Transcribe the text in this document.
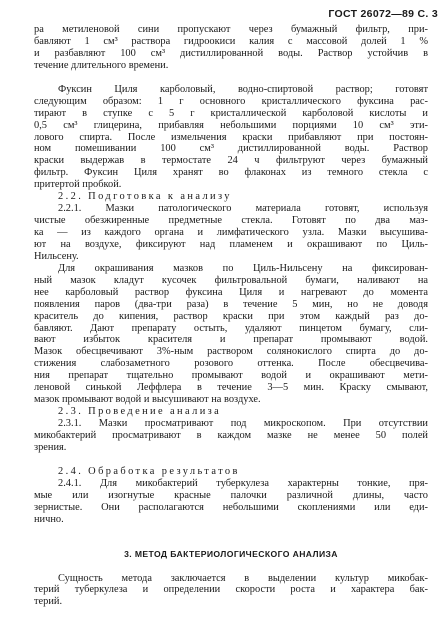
ГОСТ 26072—89 С. 3
ра метиленовой сини пропускают через бумажный фильтр, при-
бавляют 1 см³ раствора гидроокиси калия с массовой долей 1 %
и разбавляют 100 см³ дистиллированной воды. Раствор устойчив в
течение длительного времени.
Фуксин Циля карболовый, водно-спиртовой раствор; готовят
следующим образом: 1 г основного кристаллического фуксина рас-
тирают в ступке с 5 г кристаллической карболовой кислоты и
0,5 см³ глицерина, прибавляя небольшими порциями 10 см³ эти-
лового спирта. После измельчения краски прибавляют при постоян-
ном помешивании 100 см³ дистиллированной воды. Раствор
краски выдержав в термостате 24 ч фильтруют через бумажный
фильтр. Фуксин Циля хранят во флаконах из темного стекла с
притертой пробкой.
2.2. Подготовка к анализу
2.2.1. Мазки патологического материала готовят, используя
чистые обезжиренные предметные стекла. Готовят по два маз-
ка — из каждого органа и лимфатического узла. Мазки высушива-
ют на воздухе, фиксируют над пламенем и окрашивают по Циль-
Нильсену.
Для окрашивания мазков по Циль-Нильсену на фиксирован-
ный мазок кладут кусочек фильтровальной бумаги, наливают на
нее карболовый раствор фуксина Циля и нагревают до момента
появления паров (два-три раза) в течение 5 мин, но не доводя
краситель до кипения, раствор краски при этом каждый раз до-
бавляют. Дают препарату остыть, удаляют пинцетом бумагу, сли-
вают избыток красителя и препарат промывают водой.
Мазок обесцвечивают 3%-ным раствором солянокислого спирта до до-
стижения слабозаметного розового оттенка. После обесцвечива-
ния препарат тщательно промывают водой и окрашивают мети-
леновой синькой Леффлера в течение 3—5 мин. Краску смывают,
мазок промывают водой и высушивают на воздухе.
2.3. Проведение анализа
2.3.1. Мазки просматривают под микроскопом. При отсутствии
микобактерий просматривают в каждом мазке не менее 50 полей
зрения.
2.4. Обработка результатов
2.4.1. Для микобактерий туберкулеза характерны тонкие, пря-
мые или изогнутые красные палочки различной длины, часто
зернистые. Они располагаются небольшими скоплениями или еди-
нично.
3. МЕТОД БАКТЕРИОЛОГИЧЕСКОГО АНАЛИЗА
Сущность метода заключается в выделении культур микобак-
терий туберкулеза и определении скорости роста и характера бак-
терий.
